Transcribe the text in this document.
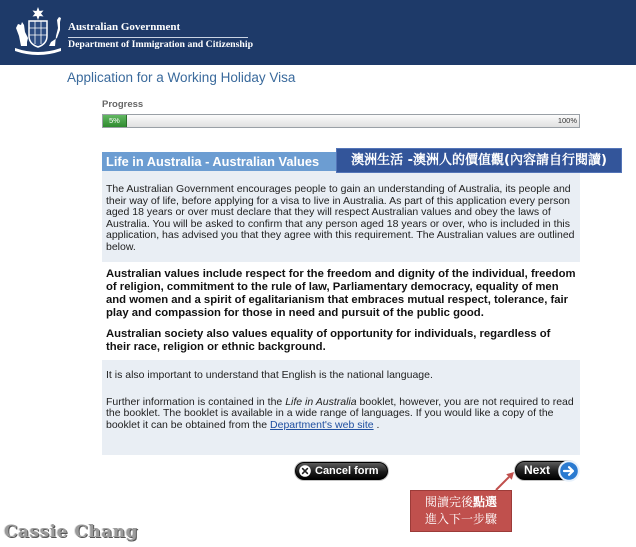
Australian Government
Department of Immigration and Citizenship
Application for a Working Holiday Visa
Progress
5%	100%
Life in Australia - Australian Values

The Australian Government encourages people to gain an understanding of Australia, its people and their way of life, before applying for a visa to live in Australia. As part of this application every person aged 18 years or over must declare that they will respect Australian values and obey the laws of Australia. You will be asked to confirm that any person aged 18 years or over, who is included in this application, has advised you that they agree with this requirement. The Australian values are outlined below.

Australian values include respect for the freedom and dignity of the individual, freedom of religion, commitment to the rule of law, Parliamentary democracy, equality of men and women and a spirit of egalitarianism that embraces mutual respect, tolerance, fair play and compassion for those in need and pursuit of the public good.

Australian society also values equality of opportunity for individuals, regardless of their race, religion or ethnic background.

It is also important to understand that English is the national language.

Further information is contained in the Life in Australia booklet, however, you are not required to read the booklet. The booklet is available in a wide range of languages. If you would like a copy of the booklet it can be obtained from the Department's web site .

Cancel form	Next
澳洲生活 -澳洲人的價值觀(內容請自行閱讀)
閱讀完後點選
進入下一步驟
Cassie Chang
